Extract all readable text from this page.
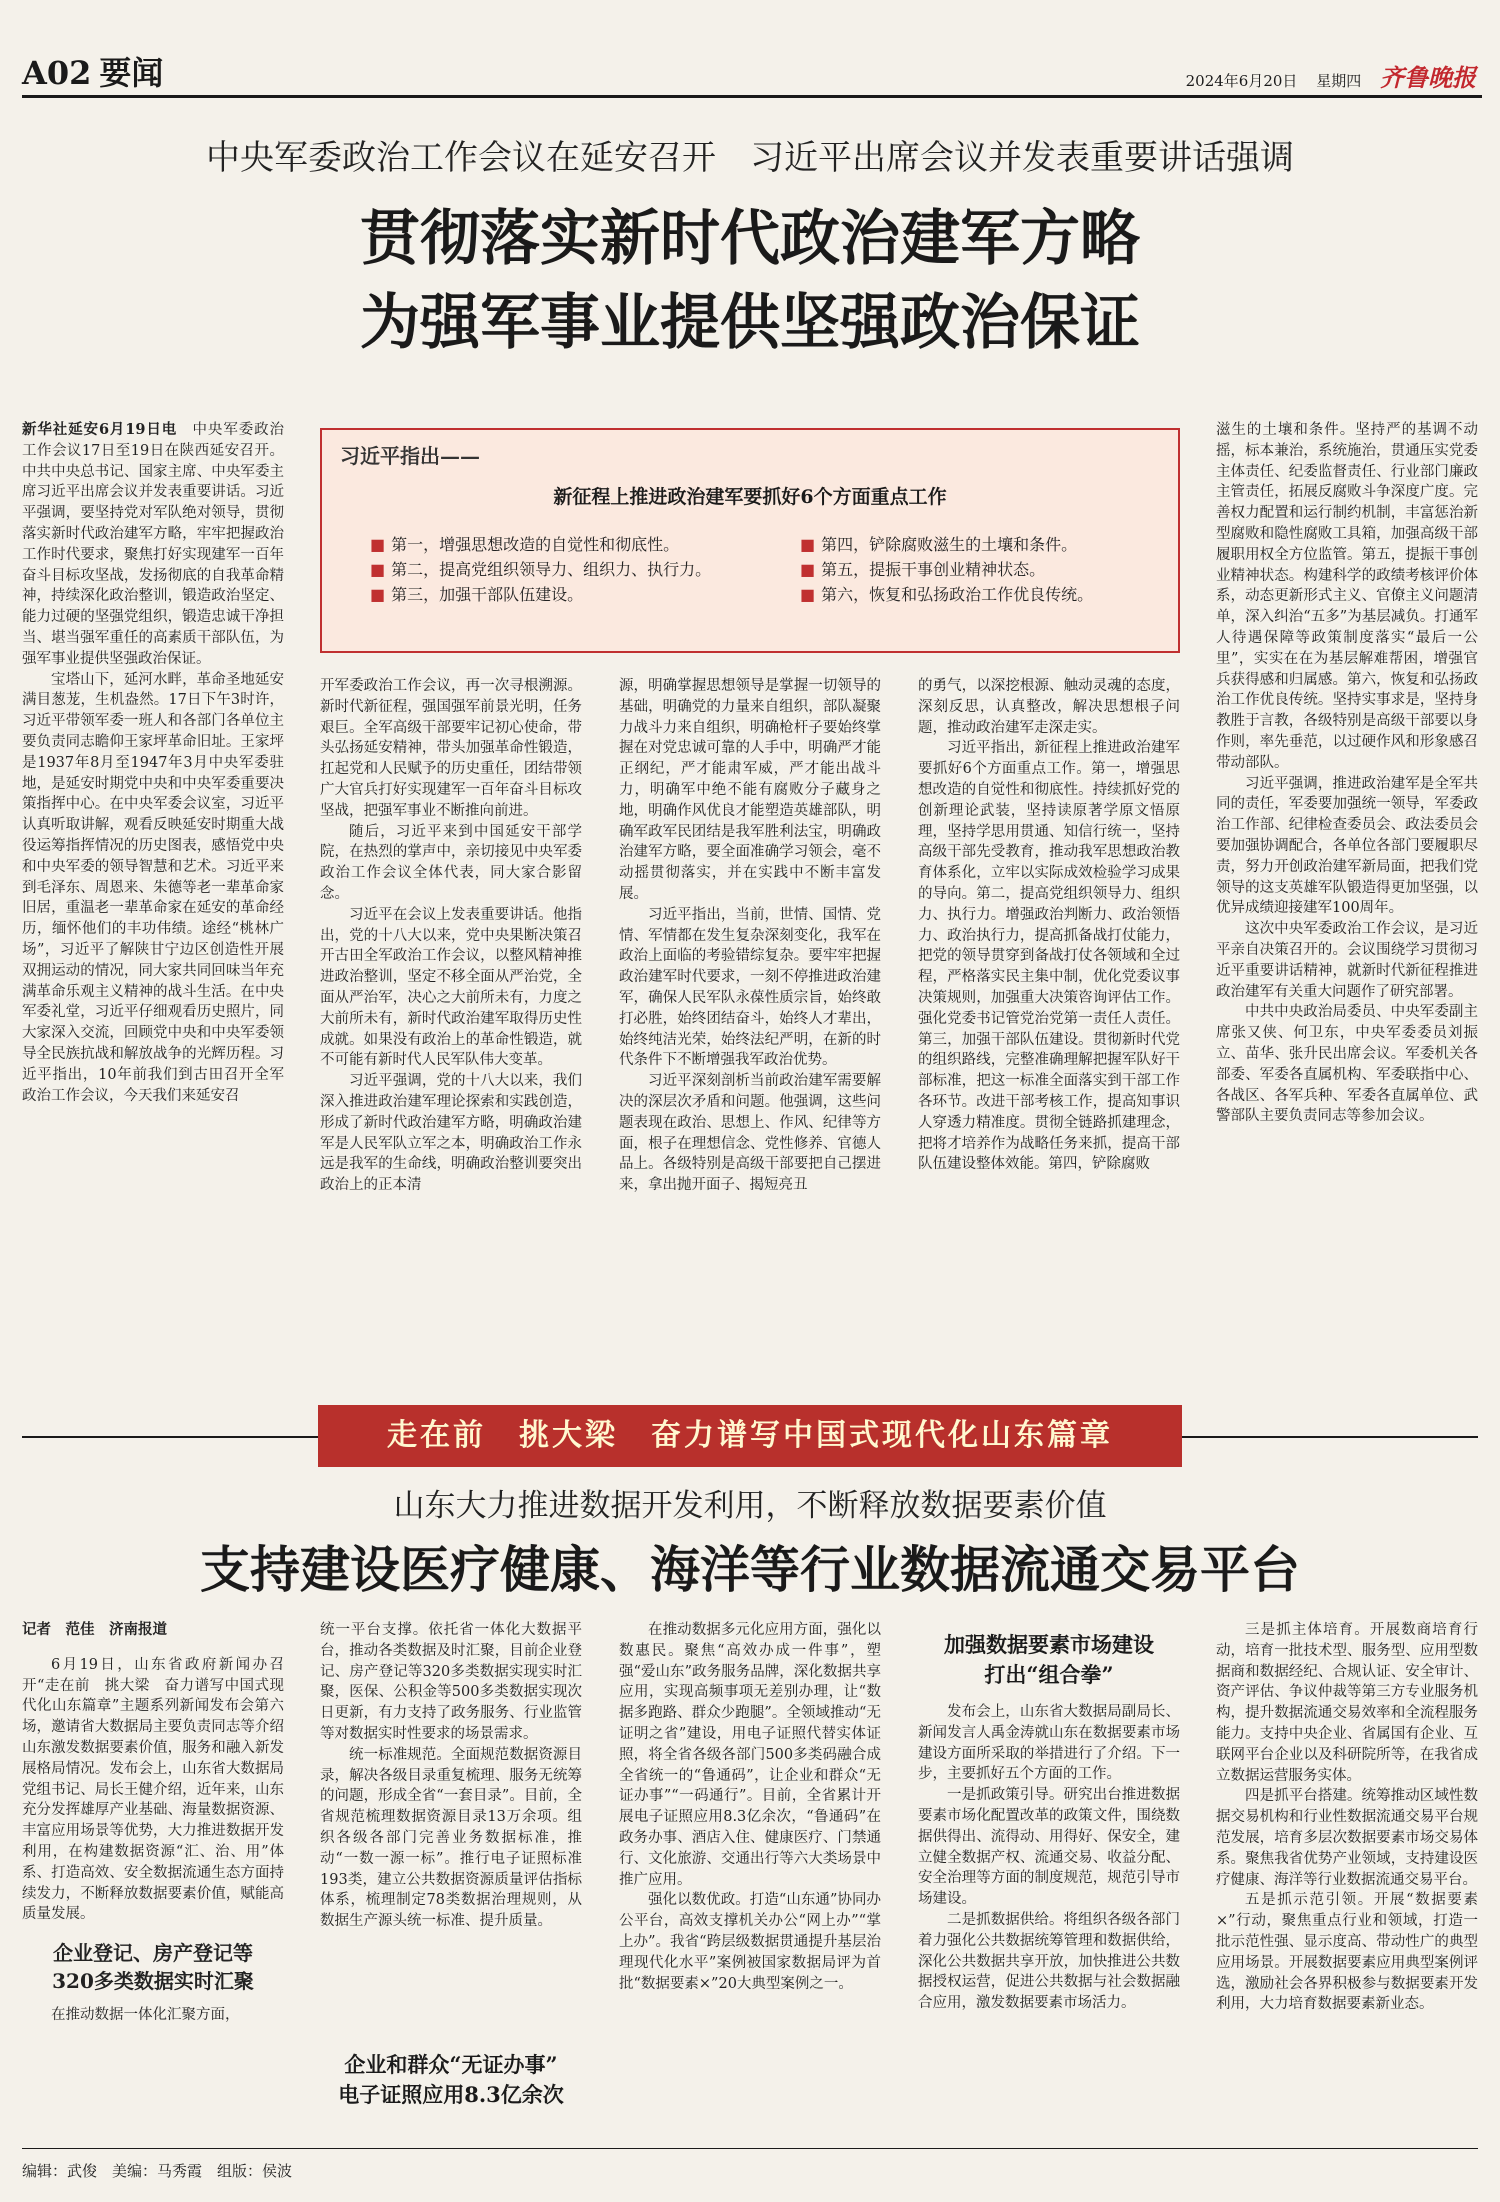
A02 要闻	2024年6月20日 星期四 齐鲁晚报
中央军委政治工作会议在延安召开　习近平出席会议并发表重要讲话强调
贯彻落实新时代政治建军方略
为强军事业提供坚强政治保证
习近平指出——
新征程上推进政治建军要抓好6个方面重点工作
■ 第一，增强思想改造的自觉性和彻底性。
■ 第二，提高党组织领导力、组织力、执行力。
■ 第三，加强干部队伍建设。
■ 第四，铲除腐败滋生的土壤和条件。
■ 第五，提振干事创业精神状态。
■ 第六，恢复和弘扬政治工作优良传统。

新华社延安6月19日电　 中央军委政治工作会议17日至19日在陕西延安召开。中共中央总书记、国家主席、中央军委主席习近平出席会议并发表重要讲话。习近平强调，要坚持党对军队绝对领导，贯彻落实新时代政治建军方略，牢牢把握政治工作时代要求，聚焦打好实现建军一百年奋斗目标攻坚战，发扬彻底的自我革命精神，持续深化政治整训，锻造政治坚定、能力过硬的坚强党组织，锻造忠诚干净担当、堪当强军重任的高素质干部队伍，为强军事业提供坚强政治保证。

宝塔山下，延河水畔，革命圣地延安满目葱茏，生机盎然。17日下午3时许，习近平带领军委一班人和各部门各单位主要负责同志瞻仰王家坪革命旧址。王家坪是1937年8月至1947年3月中央军委驻地，是延安时期党中央和中央军委重要决策指挥中心。在中央军委会议室，习近平认真听取讲解，观看反映延安时期重大战役运筹指挥情况的历史图表，感悟党中央和中央军委的领导智慧和艺术。习近平来到毛泽东、周恩来、朱德等老一辈革命家旧居，重温老一辈革命家在延安的革命经历，缅怀他们的丰功伟绩。途经“桃林广场”，习近平了解陕甘宁边区创造性开展双拥运动的情况，同大家共同回味当年充满革命乐观主义精神的战斗生活。在中央军委礼堂，习近平仔细观看历史照片，同大家深入交流，回顾党中央和中央军委领导全民族抗战和解放战争的光辉历程。习近平指出，10年前我们到古田召开全军政治工作会议，今天我们来延安召

开军委政治工作会议，再一次寻根溯源。新时代新征程，强国强军前景光明，任务艰巨。全军高级干部要牢记初心使命，带头弘扬延安精神，带头加强革命性锻造，扛起党和人民赋予的历史重任，团结带领广大官兵打好实现建军一百年奋斗目标攻坚战，把强军事业不断推向前进。

随后，习近平来到中国延安干部学院，在热烈的掌声中，亲切接见中央军委政治工作会议全体代表，同大家合影留念。

习近平在会议上发表重要讲话。他指出，党的十八大以来，党中央果断决策召开古田全军政治工作会议，以整风精神推进政治整训，坚定不移全面从严治党，全面从严治军，决心之大前所未有，力度之大前所未有，新时代政治建军取得历史性成就。如果没有政治上的革命性锻造，就不可能有新时代人民军队伟大变革。

习近平强调，党的十八大以来，我们深入推进政治建军理论探索和实践创造，形成了新时代政治建军方略，明确政治建军是人民军队立军之本，明确政治工作永远是我军的生命线，明确政治整训要突出政治上的正本清

源，明确掌握思想领导是掌握一切领导的基础，明确党的力量来自组织，部队凝聚力战斗力来自组织，明确枪杆子要始终掌握在对党忠诚可靠的人手中，明确严才能正纲纪，严才能肃军威，严才能出战斗力，明确军中绝不能有腐败分子藏身之地，明确作风优良才能塑造英雄部队，明确军政军民团结是我军胜利法宝，明确政治建军方略，要全面准确学习领会，毫不动摇贯彻落实，并在实践中不断丰富发展。

习近平指出，当前，世情、国情、党情、军情都在发生复杂深刻变化，我军在政治上面临的考验错综复杂。要牢牢把握政治建军时代要求，一刻不停推进政治建军，确保人民军队永葆性质宗旨，始终敢打必胜，始终团结奋斗，始终人才辈出，始终纯洁光荣，始终法纪严明，在新的时代条件下不断增强我军政治优势。

习近平深刻剖析当前政治建军需要解决的深层次矛盾和问题。他强调，这些问题表现在政治、思想上、作风、纪律等方面，根子在理想信念、党性修养、官德人品上。各级特别是高级干部要把自己摆进来，拿出抛开面子、揭短亮丑

的勇气，以深挖根源、触动灵魂的态度，深刻反思，认真整改，解决思想根子问题，推动政治建军走深走实。

习近平指出，新征程上推进政治建军要抓好6个方面重点工作。第一，增强思想改造的自觉性和彻底性。持续抓好党的创新理论武装，坚持读原著学原文悟原理，坚持学思用贯通、知信行统一，坚持高级干部先受教育，推动我军思想政治教育体系化，立牢以实际成效检验学习成果的导向。第二，提高党组织领导力、组织力、执行力。增强政治判断力、政治领悟力、政治执行力，提高抓备战打仗能力，把党的领导贯穿到备战打仗各领域和全过程，严格落实民主集中制，优化党委议事决策规则，加强重大决策咨询评估工作。强化党委书记管党治党第一责任人责任。第三，加强干部队伍建设。贯彻新时代党的组织路线，完整准确理解把握军队好干部标准，把这一标准全面落实到干部工作各环节。改进干部考核工作，提高知事识人穿透力精准度。贯彻全链路抓建理念，把将才培养作为战略任务来抓，提高干部队伍建设整体效能。第四，铲除腐败

滋生的土壤和条件。坚持严的基调不动摇，标本兼治，系统施治，贯通压实党委主体责任、纪委监督责任、行业部门廉政主管责任，拓展反腐败斗争深度广度。完善权力配置和运行制约机制，丰富惩治新型腐败和隐性腐败工具箱，加强高级干部履职用权全方位监管。第五，提振干事创业精神状态。构建科学的政绩考核评价体系，动态更新形式主义、官僚主义问题清单，深入纠治“五多”为基层减负。打通军人待遇保障等政策制度落实“最后一公里”，实实在在为基层解难帮困，增强官兵获得感和归属感。第六，恢复和弘扬政治工作优良传统。坚持实事求是，坚持身教胜于言教，各级特别是高级干部要以身作则，率先垂范，以过硬作风和形象感召带动部队。

习近平强调，推进政治建军是全军共同的责任，军委要加强统一领导，军委政治工作部、纪律检查委员会、政法委员会要加强协调配合，各单位各部门要履职尽责，努力开创政治建军新局面，把我们党领导的这支英雄军队锻造得更加坚强，以优异成绩迎接建军100周年。

这次中央军委政治工作会议，是习近平亲自决策召开的。会议围绕学习贯彻习近平重要讲话精神，就新时代新征程推进政治建军有关重大问题作了研究部署。

中共中央政治局委员、中央军委副主席张又侠、何卫东，中央军委委员刘振立、苗华、张升民出席会议。军委机关各部委、军委各直属机构、军委联指中心、各战区、各军兵种、军委各直属单位、武警部队主要负责同志等参加会议。

走在前　挑大梁　奋力谱写中国式现代化山东篇章
山东大力推进数据开发利用，不断释放数据要素价值
支持建设医疗健康、海洋等行业数据流通交易平台

记者　范佳　济南报道

6月19日，山东省政府新闻办召开“走在前　挑大梁　奋力谱写中国式现代化山东篇章”主题系列新闻发布会第六场，邀请省大数据局主要负责同志等介绍山东激发数据要素价值，服务和融入新发展格局情况。发布会上，山东省大数据局党组书记、局长王健介绍，近年来，山东充分发挥雄厚产业基础、海量数据资源、丰富应用场景等优势，大力推进数据开发利用，在构建数据资源“汇、治、用”体系、打造高效、安全数据流通生态方面持续发力，不断释放数据要素价值，赋能高质量发展。

企业登记、房产登记等
320多类数据实时汇聚

在推动数据一体化汇聚方面，

统一平台支撑。依托省一体化大数据平台，推动各类数据及时汇聚，目前企业登记、房产登记等320多类数据实现实时汇聚，医保、公积金等500多类数据实现次日更新，有力支持了政务服务、行业监管等对数据实时性要求的场景需求。

统一标准规范。全面规范数据资源目录，解决各级目录重复梳理、服务无统筹的问题，形成全省“一套目录”。目前，全省规范梳理数据资源目录13万余项。组织各级各部门完善业务数据标准，推动“一数一源一标”。推行电子证照标准193类，建立公共数据资源质量评估指标体系，梳理制定78类数据治理规则，从数据生产源头统一标准、提升质量。

企业和群众“无证办事”
电子证照应用8.3亿余次

在推动数据多元化应用方面，强化以数惠民。聚焦“高效办成一件事”，塑强“爱山东”政务服务品牌，深化数据共享应用，实现高频事项无差别办理，让“数据多跑路、群众少跑腿”。全领域推动“无证明之省”建设，用电子证照代替实体证照，将全省各级各部门500多类码融合成全省统一的“鲁通码”，让企业和群众“无证办事”“一码通行”。目前，全省累计开展电子证照应用8.3亿余次，“鲁通码”在政务办事、酒店入住、健康医疗、门禁通行、文化旅游、交通出行等六大类场景中推广应用。

强化以数优政。打造“山东通”协同办公平台，高效支撑机关办公“网上办”“掌上办”。我省“跨层级数据贯通提升基层治理现代化水平”案例被国家数据局评为首批“数据要素×”20大典型案例之一。

加强数据要素市场建设
打出“组合拳”

发布会上，山东省大数据局副局长、新闻发言人禹金涛就山东在数据要素市场建设方面所采取的举措进行了介绍。下一步，主要抓好五个方面的工作。

一是抓政策引导。研究出台推进数据要素市场化配置改革的政策文件，围绕数据供得出、流得动、用得好、保安全，建立健全数据产权、流通交易、收益分配、安全治理等方面的制度规范，规范引导市场建设。

二是抓数据供给。将组织各级各部门着力强化公共数据统筹管理和数据供给，深化公共数据共享开放，加快推进公共数据授权运营，促进公共数据与社会数据融合应用，激发数据要素市场活力。

三是抓主体培育。开展数商培育行动，培育一批技术型、服务型、应用型数据商和数据经纪、合规认证、安全审计、资产评估、争议仲裁等第三方专业服务机构，提升数据流通交易效率和全流程服务能力。支持中央企业、省属国有企业、互联网平台企业以及科研院所等，在我省成立数据运营服务实体。

四是抓平台搭建。统筹推动区域性数据交易机构和行业性数据流通交易平台规范发展，培育多层次数据要素市场交易体系。聚焦我省优势产业领域，支持建设医疗健康、海洋等行业数据流通交易平台。

五是抓示范引领。开展“数据要素×”行动，聚焦重点行业和领域，打造一批示范性强、显示度高、带动性广的典型应用场景。开展数据要素应用典型案例评选，激励社会各界积极参与数据要素开发利用，大力培育数据要素新业态。

编辑：武俊　美编：马秀霞　组版：侯波
